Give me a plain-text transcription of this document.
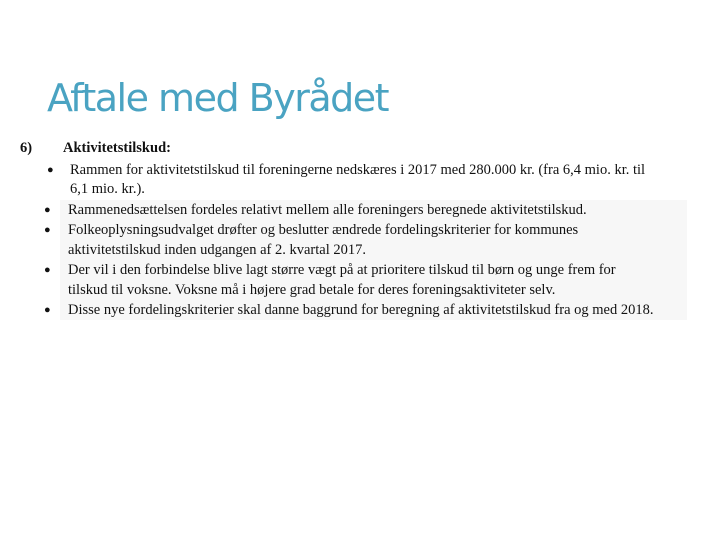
Aftale med Byrådet
6) Aktivitetstilskud:
●
●
●
●
●
Rammen for aktivitetstilskud til foreningerne nedskæres i 2017 med 280.000 kr. (fra 6,4 mio. kr. til
6,1 mio. kr.).
Rammenedsættelsen fordeles relativt mellem alle foreningers beregnede aktivitetstilskud.
Folkeoplysningsudvalget drøfter og beslutter ændrede fordelingskriterier for kommunes
aktivitetstilskud inden udgangen af 2. kvartal 2017.
Der vil i den forbindelse blive lagt større vægt på at prioritere tilskud til børn og unge frem for
tilskud til voksne. Voksne må i højere grad betale for deres foreningsaktiviteter selv.
Disse nye fordelingskriterier skal danne baggrund for beregning af aktivitetstilskud fra og med 2018.
